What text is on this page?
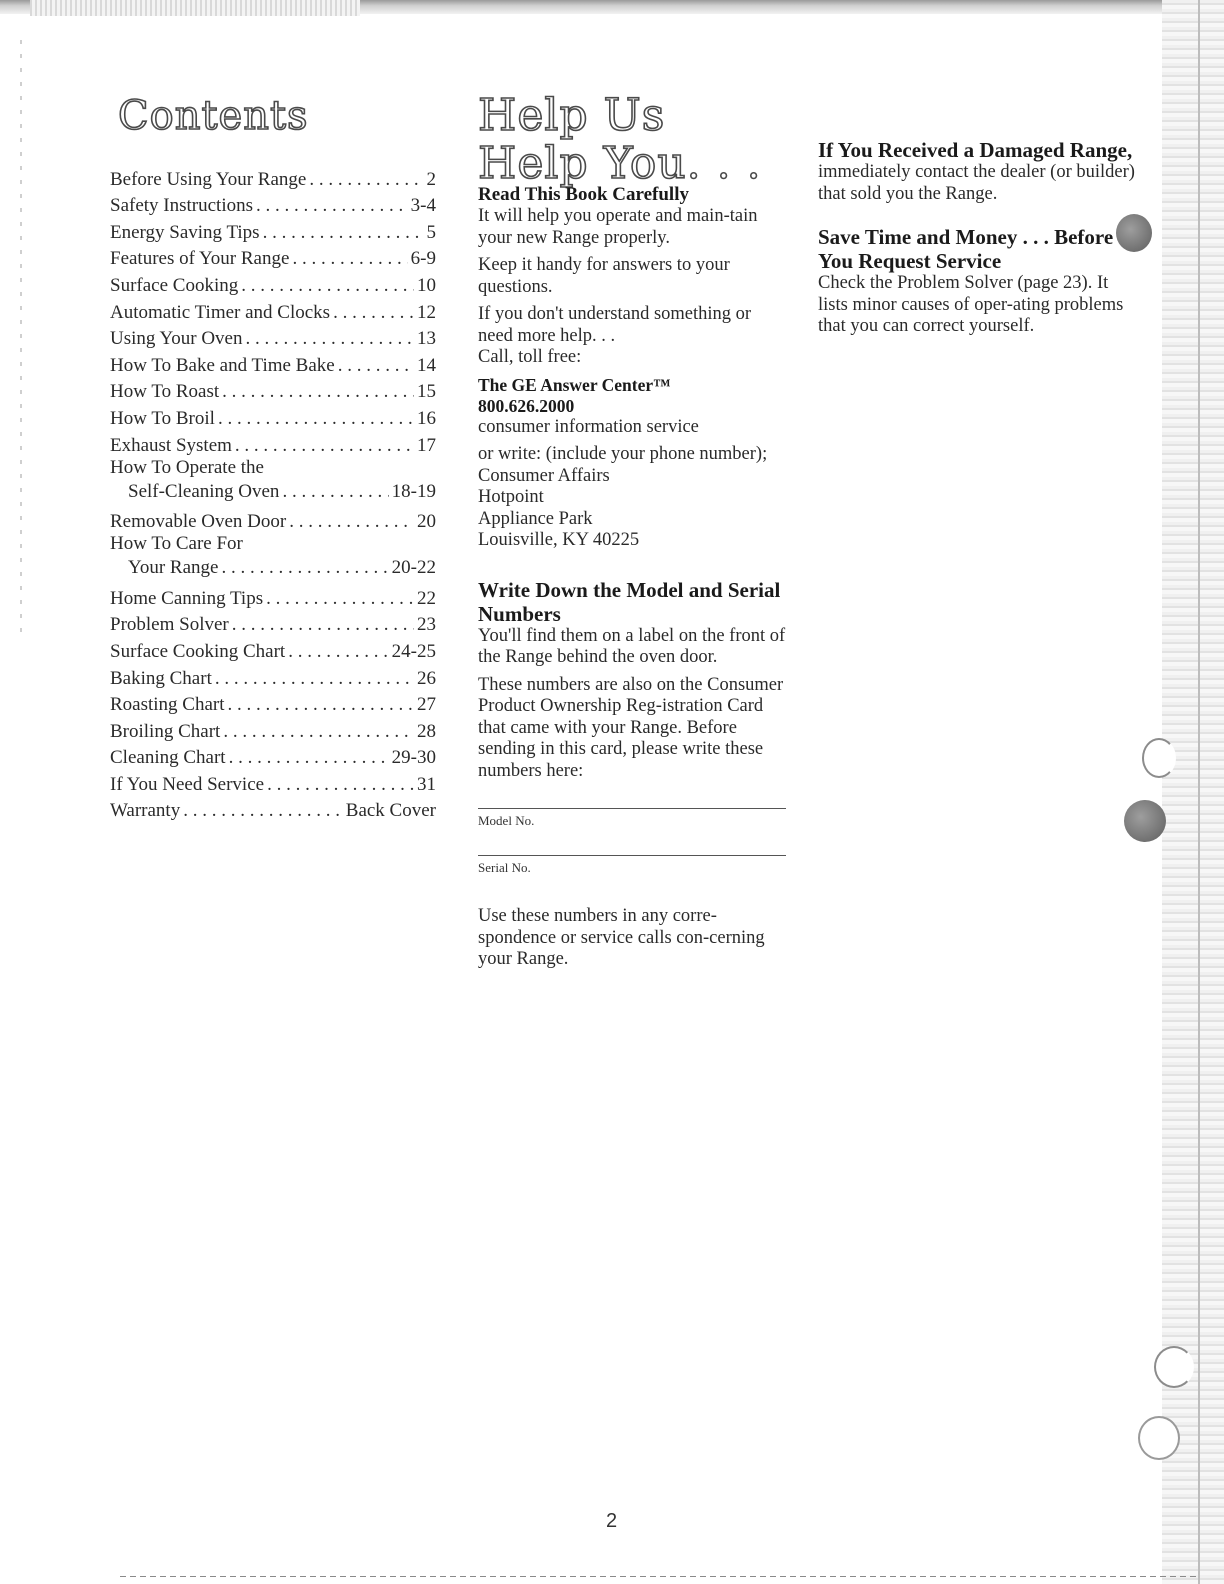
Contents
Before Using Your Range . . .	2
Safety Instructions . . .	3-4
Energy Saving Tips . . .	5
Features of Your Range . . .	6-9
Surface Cooking . . .	10
Automatic Timer and Clocks . . .	12
Using Your Oven . . .	13
How To Bake and Time Bake . . .	14
How To Roast . . .	15
How To Broil . . .	16
Exhaust System . . .	17
How To Operate the
Self-Cleaning Oven . . .	18-19
Removable Oven Door . . .	20
How To Care For
Your Range . . .	20-22
Home Canning Tips . . .	22
Problem Solver . . .	23
Surface Cooking Chart . . .	24-25
Baking Chart . . .	26
Roasting Chart . . .	27
Broiling Chart . . .	28
Cleaning Chart . . .	29-30
If You Need Service . . .	31
Warranty . . .	Back Cover
Help Us
Help You. . .

Read This Book Carefully

It will help you operate and main-tain your new Range properly.

Keep it handy for answers to your questions.

If you don't understand something or need more help. . .

Call, toll free:

The GE Answer Center™

800.626.2000

consumer information service

or write: (include your phone number);

Consumer Affairs

Hotpoint

Appliance Park

Louisville, KY 40225

Write Down the Model and Serial Numbers

You'll find them on a label on the front of the Range behind the oven door.

These numbers are also on the Consumer Product Ownership Reg-istration Card that came with your Range. Before sending in this card, please write these numbers here:

Model No.

Serial No.

Use these numbers in any corre-spondence or service calls con-cerning your Range.

If You Received a Damaged Range,

immediately contact the dealer (or builder) that sold you the Range.

Save Time and Money . . . Before You Request Service

Check the Problem Solver (page 23). It lists minor causes of oper-ating problems that you can correct yourself.

2
